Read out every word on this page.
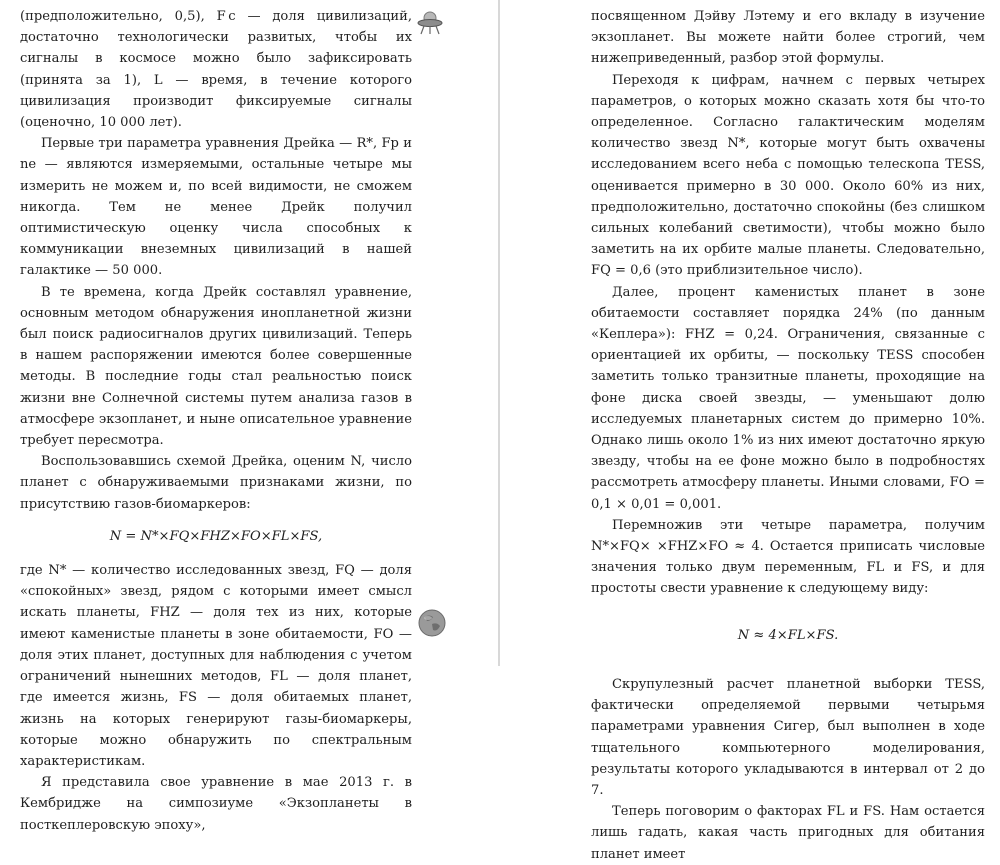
(предположительно, 0,5), F c — доля цивилизаций, достаточно технологически развитых, чтобы их сигналы в космосе можно было зафиксировать (принята за 1), L — время, в течение которого цивилизация производит фиксируемые сигналы (оценочно, 10 000 лет).

Первые три параметра уравнения Дрейка — R*, Fp и ne — являются измеряемыми, остальные четыре мы измерить не можем и, по всей видимости, не сможем никогда. Тем не менее Дрейк получил оптимистическую оценку числа способных к коммуникации внеземных цивилизаций в нашей галактике — 50 000.

В те времена, когда Дрейк составлял уравнение, основным методом обнаружения инопланетной жизни был поиск радиосигналов других цивилизаций. Теперь в нашем распоряжении имеются более совершенные методы. В последние годы стал реальностью поиск жизни вне Солнечной системы путем анализа газов в атмосфере экзопланет, и ныне описательное уравнение требует пересмотра.

Воспользовавшись схемой Дрейка, оценим N, число планет с обнаруживаемыми признаками жизни, по присутствию газов-биомаркеров:

N = N*×FQ×FHZ×FO×FL×FS,

где N* — количество исследованных звезд, FQ — доля «спокойных» звезд, рядом с которыми имеет смысл искать планеты, FHZ — доля тех из них, которые имеют каменистые планеты в зоне обитаемости, FO — доля этих планет, доступных для наблюдения с учетом ограничений нынешних методов, FL — доля планет, где имеется жизнь, FS — доля обитаемых планет, жизнь на которых генерируют газы-биомаркеры, которые можно обнаружить по спектральным характеристикам.

Я представила свое уравнение в мае 2013 г. в Кембридже на симпозиуме «Экзопланеты в посткеплеровскую эпоху»,

посвященном Дэйву Лэтему и его вкладу в изучение экзопланет. Вы можете найти более строгий, чем нижеприведенный, разбор этой формулы.

Переходя к цифрам, начнем с первых четырех параметров, о которых можно сказать хотя бы что-то определенное. Согласно галактическим моделям количество звезд N*, которые могут быть охвачены исследованием всего неба с помощью телескопа TESS, оценивается примерно в 30 000. Около 60% из них, предположительно, достаточно спокойны (без слишком сильных колебаний светимости), чтобы можно было заметить на их орбите малые планеты. Следовательно, FQ = 0,6 (это приблизительное число).

Далее, процент каменистых планет в зоне обитаемости составляет порядка 24% (по данным «Кеплера»): FHZ = 0,24. Ограничения, связанные с ориентацией их орбиты, — поскольку TESS способен заметить только транзитные планеты, проходящие на фоне диска своей звезды, — уменьшают долю исследуемых планетарных систем до примерно 10%. Однако лишь около 1% из них имеют достаточно яркую звезду, чтобы на ее фоне можно было в подробностях рассмотреть атмосферу планеты. Иными словами, FO = 0,1 × 0,01 = 0,001.

Перемножив эти четыре параметра, получим N*×FQ× ×FHZ×FO ≈ 4. Остается приписать числовые значения только двум переменным, FL и FS, и для простоты свести уравнение к следующему виду:

N ≈ 4×FL×FS.

Скрупулезный расчет планетной выборки TESS, фактически определяемой первыми четырьмя параметрами уравнения Сигер, был выполнен в ходе тщательного компьютерного моделирования, результаты которого укладываются в интервал от 2 до 7.

Теперь поговорим о факторах FL и FS. Нам остается лишь гадать, какая часть пригодных для обитания планет имеет
